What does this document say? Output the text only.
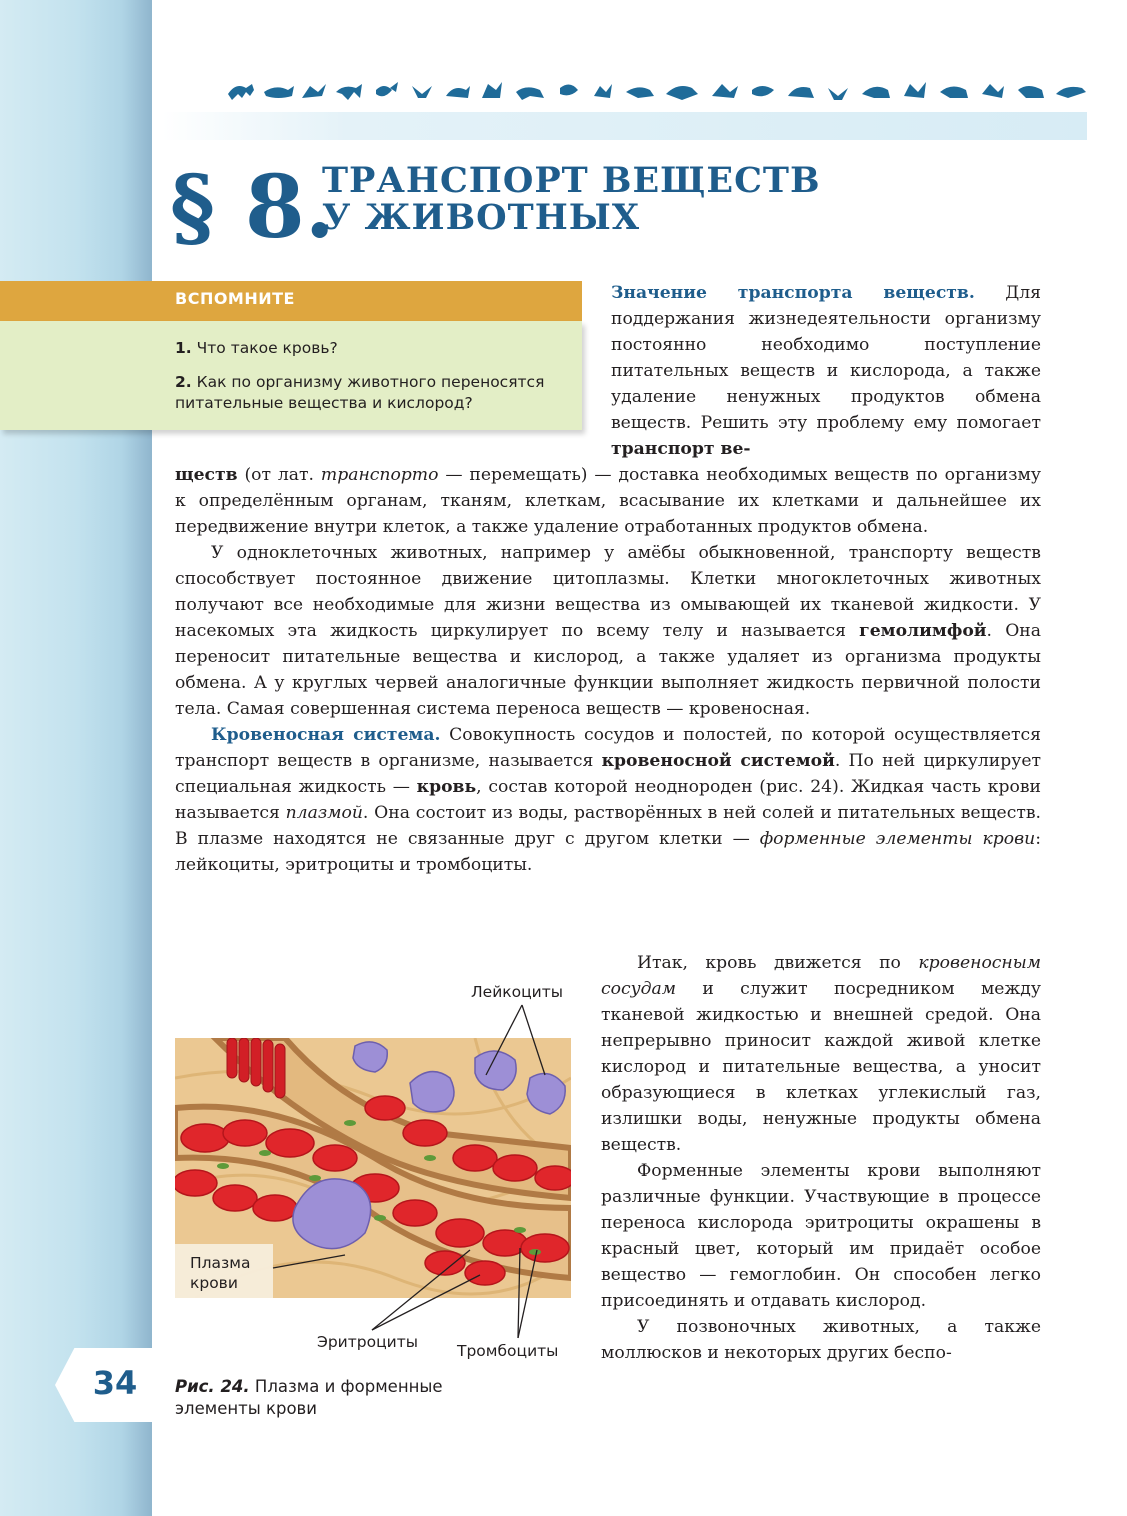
§ 8.
ТРАНСПОРТ ВЕЩЕСТВ
У ЖИВОТНЫХ
ВСПОМНИТЕ
1. Что такое кровь?
2. Как по организму животного переносятся питательные вещества и кислород?

Значение транспорта веществ. Для поддержания жизнедеятельности организму постоянно необходимо поступление питательных веществ и кислорода, а также удаление ненужных продуктов обмена веществ. Решить эту проблему ему помогает транспорт ве-

ществ (от лат. транспорто — перемещать) — доставка необходимых веществ по организму к определённым органам, тканям, клеткам, всасывание их клетками и дальнейшее их передвижение внутри клеток, а также удаление отработанных продуктов обмена.

У одноклеточных животных, например у амёбы обыкновенной, транспорту веществ способствует постоянное движение цитоплазмы. Клетки многоклеточных животных получают все необходимые для жизни вещества из омывающей их тканевой жидкости. У насекомых эта жидкость циркулирует по всему телу и называется гемолимфой. Она переносит питательные вещества и кислород, а также удаляет из организма продукты обмена. А у круглых червей аналогичные функции выполняет жидкость первичной полости тела. Самая совершенная система переноса веществ — кровеносная.

Кровеносная система. Совокупность сосудов и полостей, по которой осуществляется транспорт веществ в организме, называется кровеносной системой. По ней циркулирует специальная жидкость — кровь, состав которой неоднороден (рис. 24). Жидкая часть крови называется плазмой. Она состоит из воды, растворённых в ней солей и питательных веществ. В плазме находятся не связанные друг с другом клетки — форменные элементы крови: лейкоциты, эритроциты и тромбоциты.

Итак, кровь движется по кровеносным сосудам и служит посредником между тканевой жидкостью и внешней средой. Она непрерывно приносит каждой живой клетке кислород и питательные вещества, а уносит образующиеся в клетках углекислый газ, излишки воды, ненужные продукты обмена веществ.

Форменные элементы крови выполняют различные функции. Участвующие в процессе переноса кислорода эритроциты окрашены в красный цвет, который им придаёт особое вещество — гемоглобин. Он способен легко присоединять и отдавать кислород.

У позвоночных животных, а также моллюсков и некоторых других беспо-

Плазма крови
Лейкоциты
Эритроциты	Тромбоциты
Рис. 24. Плазма и форменные элементы крови
34
